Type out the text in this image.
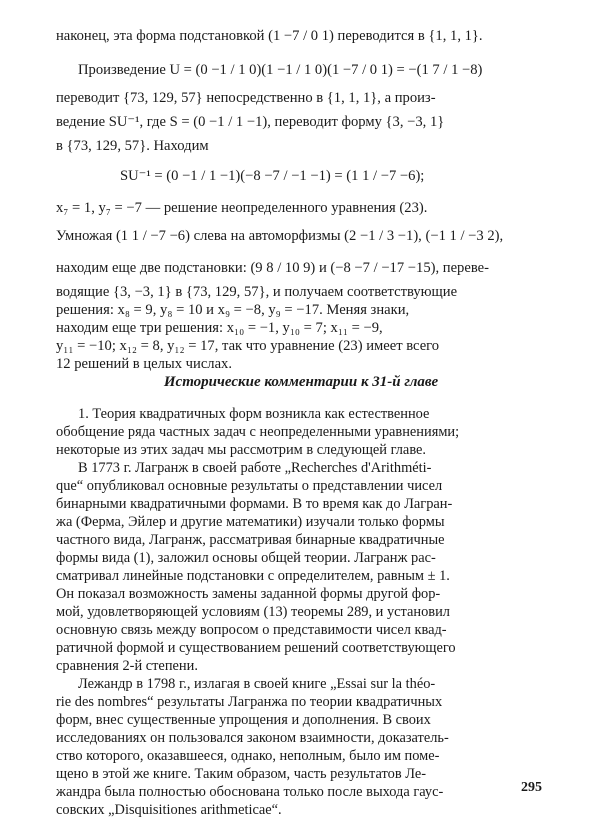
наконец, эта форма подстановкой (1 −7 / 0 1) переводится в {1, 1, 1}.
Произведение U = (0 −1 / 1 0)(1 −1 / 1 0)(1 −7 / 0 1) = −(1 7 / 1 −8)
переводит {73, 129, 57} непосредственно в {1, 1, 1}, а произ-
ведение SU⁻¹, где S = (0 −1 / 1 −1), переводит форму {3, −3, 1}
в {73, 129, 57}. Находим
SU⁻¹ = (0 −1 / 1 −1)(−8 −7 / −1 −1) = (1 1 / −7 −6);
x₇ = 1, y₇ = −7 — решение неопределенного уравнения (23).
Умножая (1 1 / −7 −6) слева на автоморфизмы (2 −1 / 3 −1), (−1 1 / −3 2),
находим еще две подстановки: (9 8 / 10 9) и (−8 −7 / −17 −15), переве-
водящие {3, −3, 1} в {73, 129, 57}, и получаем соответствующие
решения: x₈ = 9, y₈ = 10 и x₉ = −8, y₉ = −17. Меняя знаки,
находим еще три решения: x₁₀ = −1, y₁₀ = 7; x₁₁ = −9,
y₁₁ = −10; x₁₂ = 8, y₁₂ = 17, так что уравнение (23) имеет всего
12 решений в целых числах.
Исторические комментарии к 31-й главе
1. Теория квадратичных форм возникла как естественное
обобщение ряда частных задач с неопределенными уравнениями;
некоторые из этих задач мы рассмотрим в следующей главе.
В 1773 г. Лагранж в своей работе „Recherches d'Arithméti-
que“ опубликовал основные результаты о представлении чисел
бинарными квадратичными формами. В то время как до Лагран-
жа (Ферма, Эйлер и другие математики) изучали только формы
частного вида, Лагранж, рассматривая бинарные квадратичные
формы вида (1), заложил основы общей теории. Лагранж рас-
сматривал линейные подстановки с определителем, равным ± 1.
Он показал возможность замены заданной формы другой фор-
мой, удовлетворяющей условиям (13) теоремы 289, и установил
основную связь между вопросом о представимости чисел квад-
ратичной формой и существованием решений соответствующего
сравнения 2-й степени.
Лежандр в 1798 г., излагая в своей книге „Essai sur la théo-
rie des nombres“ результаты Лагранжа по теории квадратичных
форм, внес существенные упрощения и дополнения. В своих
исследованиях он пользовался законом взаимности, доказатель-
ство которого, оказавшееся, однако, неполным, было им поме-
щено в этой же книге. Таким образом, часть результатов Ле-
жандра была полностью обоснована только после выхода гаус-
совских „Disquisitiones arithmeticae“.
295
